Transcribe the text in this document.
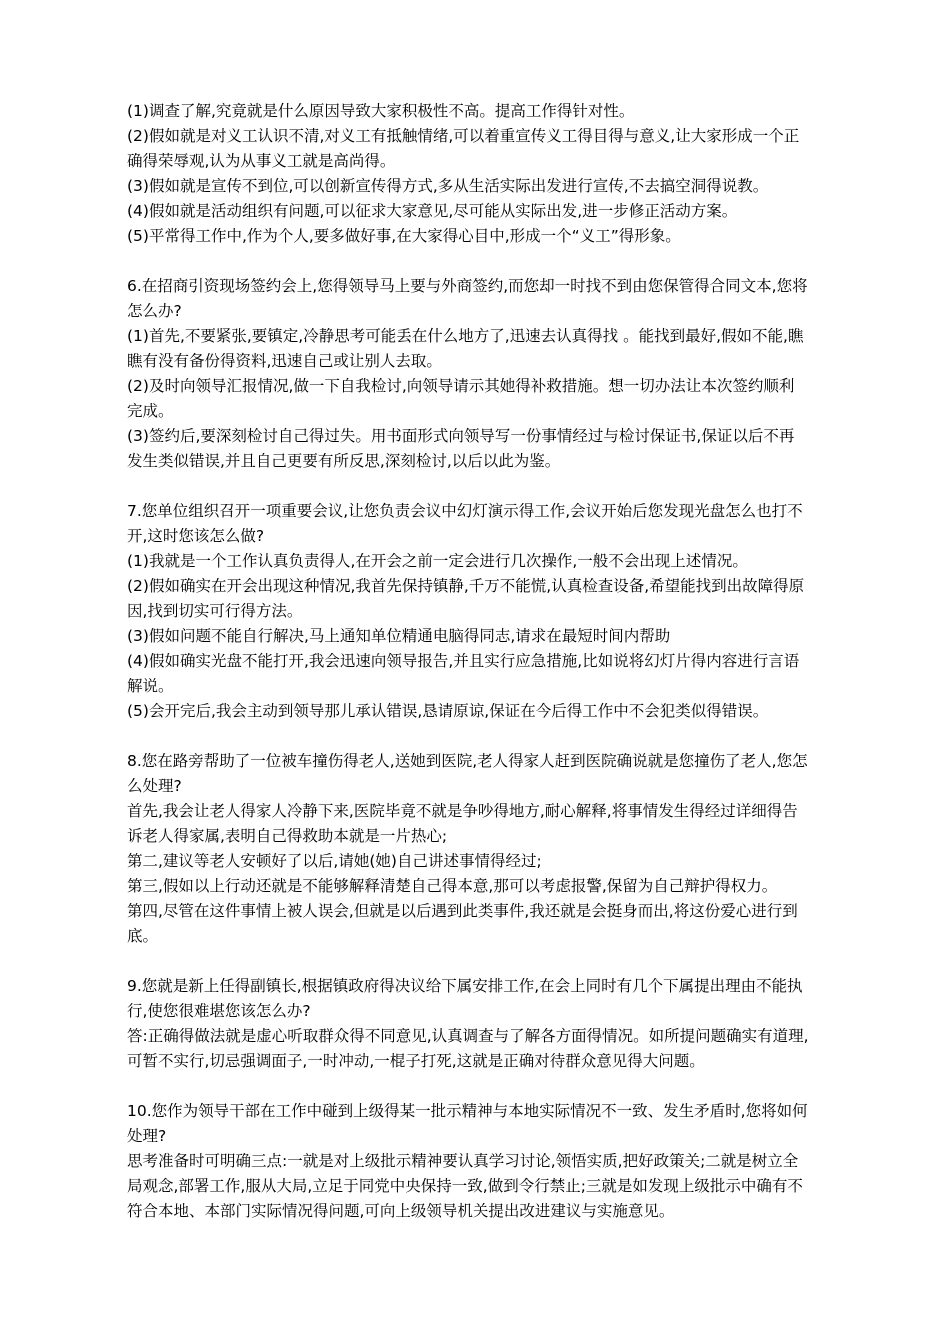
(1)调查了解,究竟就是什么原因导致大家积极性不高。提高工作得针对性。
(2)假如就是对义工认识不清,对义工有抵触情绪,可以着重宣传义工得目得与意义,让大家形成一个正
确得荣辱观,认为从事义工就是高尚得。
(3)假如就是宣传不到位,可以创新宣传得方式,多从生活实际出发进行宣传,不去搞空洞得说教。
(4)假如就是活动组织有问题,可以征求大家意见,尽可能从实际出发,进一步修正活动方案。
(5)平常得工作中,作为个人,要多做好事,在大家得心目中,形成一个“义工”得形象。
6.在招商引资现场签约会上,您得领导马上要与外商签约,而您却一时找不到由您保管得合同文本,您将
怎么办?
(1)首先,不要紧张,要镇定,冷静思考可能丢在什么地方了,迅速去认真得找 。能找到最好,假如不能,瞧
瞧有没有备份得资料,迅速自己或让别人去取。
(2)及时向领导汇报情况,做一下自我检讨,向领导请示其她得补救措施。想一切办法让本次签约顺利
完成。
(3)签约后,要深刻检讨自己得过失。用书面形式向领导写一份事情经过与检讨保证书,保证以后不再
发生类似错误,并且自己更要有所反思,深刻检讨,以后以此为鉴。
7.您单位组织召开一项重要会议,让您负责会议中幻灯演示得工作,会议开始后您发现光盘怎么也打不
开,这时您该怎么做?
(1)我就是一个工作认真负责得人,在开会之前一定会进行几次操作,一般不会出现上述情况。
(2)假如确实在开会出现这种情况,我首先保持镇静,千万不能慌,认真检查设备,希望能找到出故障得原
因,找到切实可行得方法。
(3)假如问题不能自行解决,马上通知单位精通电脑得同志,请求在最短时间内帮助
(4)假如确实光盘不能打开,我会迅速向领导报告,并且实行应急措施,比如说将幻灯片得内容进行言语
解说。
(5)会开完后,我会主动到领导那儿承认错误,恳请原谅,保证在今后得工作中不会犯类似得错误。
8.您在路旁帮助了一位被车撞伤得老人,送她到医院,老人得家人赶到医院确说就是您撞伤了老人,您怎
么处理?
首先,我会让老人得家人冷静下来,医院毕竟不就是争吵得地方,耐心解释,将事情发生得经过详细得告
诉老人得家属,表明自己得救助本就是一片热心;
第二,建议等老人安顿好了以后,请她(她)自己讲述事情得经过;
第三,假如以上行动还就是不能够解释清楚自己得本意,那可以考虑报警,保留为自己辩护得权力。
第四,尽管在这件事情上被人误会,但就是以后遇到此类事件,我还就是会挺身而出,将这份爱心进行到
底。
9.您就是新上任得副镇长,根据镇政府得决议给下属安排工作,在会上同时有几个下属提出理由不能执
行,使您很难堪您该怎么办?
答:正确得做法就是虚心听取群众得不同意见,认真调查与了解各方面得情况。如所提问题确实有道理,
可暂不实行,切忌强调面子,一时冲动,一棍子打死,这就是正确对待群众意见得大问题。
10.您作为领导干部在工作中碰到上级得某一批示精神与本地实际情况不一致、发生矛盾时,您将如何
处理?
思考准备时可明确三点:一就是对上级批示精神要认真学习讨论,领悟实质,把好政策关;二就是树立全
局观念,部署工作,服从大局,立足于同党中央保持一致,做到令行禁止;三就是如发现上级批示中确有不
符合本地、本部门实际情况得问题,可向上级领导机关提出改进建议与实施意见。
